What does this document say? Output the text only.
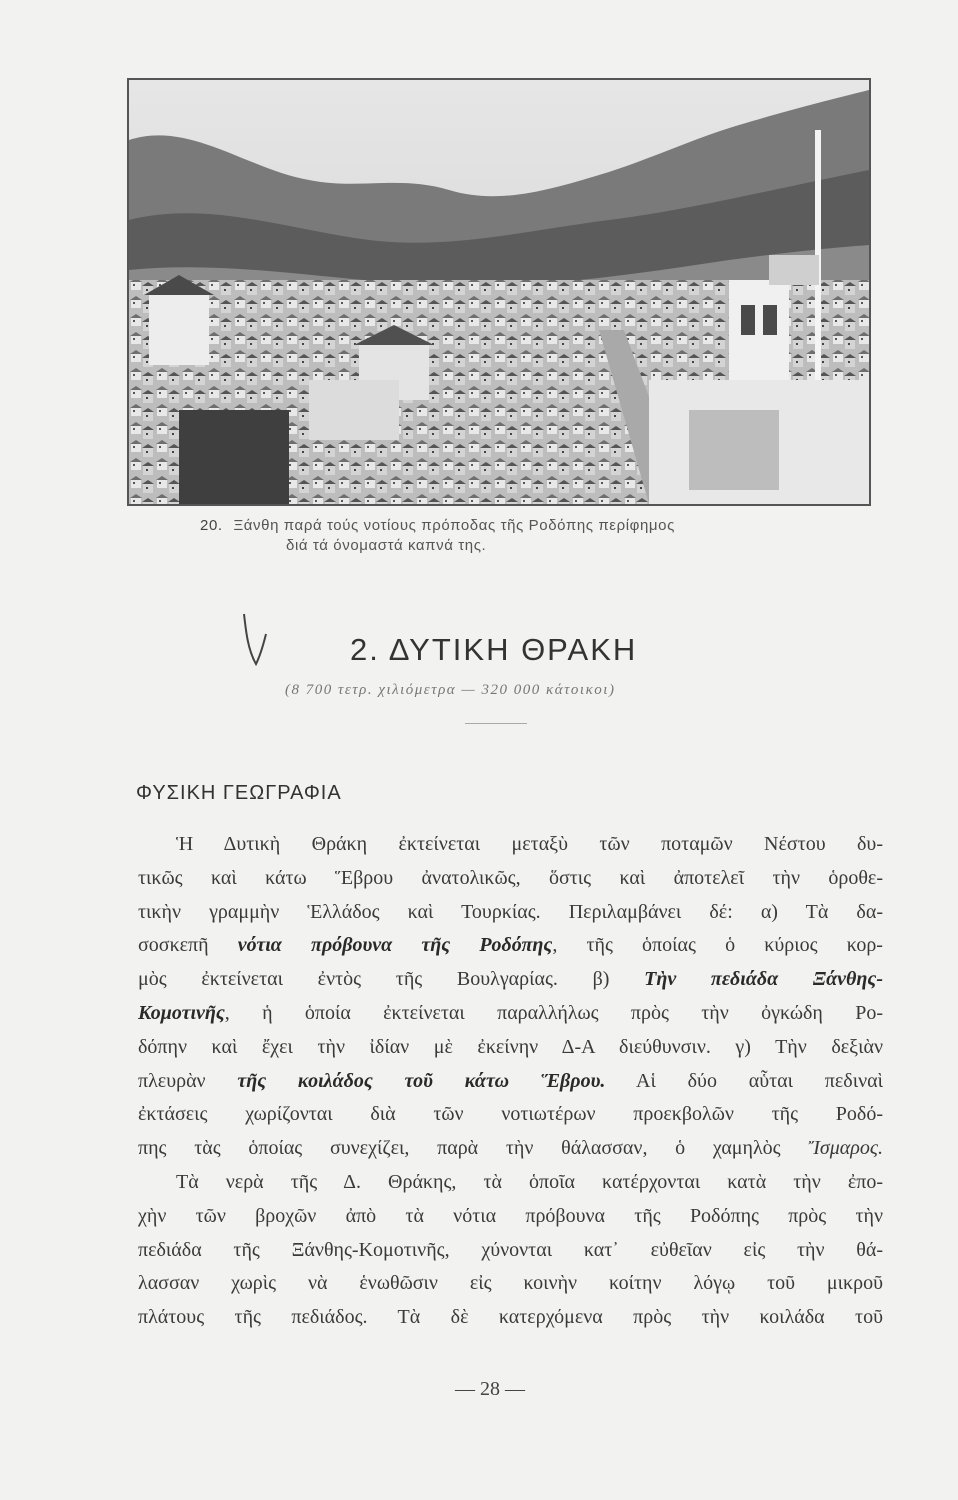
20. Ξάνθη παρά τούς νοτίους πρόποδας τῆς Ροδόπης περίφημος
διά τά όνομαστά καπνά της.
2. ΔΥΤΙΚΗ ΘΡΑΚΗ
(8 700 τετρ. χιλιόμετρα — 320 000 κάτοικοι)
ΦΥΣΙΚΗ ΓΕΩΓΡΑΦΙΑ
Ἡ Δυτικὴ Θράκη ἐκτείνεται μεταξὺ τῶν ποταμῶν Νέστου δυ-
τικῶς καὶ κάτω Ἕβρου ἀνατολικῶς, ὅστις καὶ ἀποτελεῖ τὴν ὁροθε-
τικὴν γραμμὴν Ἑλλάδος καὶ Τουρκίας. Περιλαμβάνει δέ: α) Τὰ δα-
σοσκεπῆ νότια πρόβουνα τῆς Ροδόπης, τῆς ὁποίας ὁ κύριος κορ-
μὸς ἐκτείνεται ἐντὸς τῆς Βουλγαρίας. β) Τὴν πεδιάδα Ξάνθης-
Κομοτινῆς, ἡ ὁποία ἐκτείνεται παραλλήλως πρὸς τὴν ὀγκώδη Ρο-
δόπην καὶ ἔχει τὴν ἰδίαν μὲ ἐκείνην Δ-Α διεύθυνσιν. γ) Τὴν δεξιὰν
πλευρὰν τῆς κοιλάδος τοῦ κάτω Ἕβρου. Αἱ δύο αὗται πεδιναὶ
ἐκτάσεις χωρίζονται διὰ τῶν νοτιωτέρων προεκβολῶν τῆς Ροδό-
πης τὰς ὁποίας συνεχίζει, παρὰ τὴν θάλασσαν, ὁ χαμηλὸς Ἴσμαρος.
Τὰ νερὰ τῆς Δ. Θράκης, τὰ ὁποῖα κατέρχονται κατὰ τὴν ἐπο-
χὴν τῶν βροχῶν ἀπὸ τὰ νότια πρόβουνα τῆς Ροδόπης πρὸς τὴν
πεδιάδα τῆς Ξάνθης-Κομοτινῆς, χύνονται κατ᾿ εὐθεῖαν εἰς τὴν θά-
λασσαν χωρὶς νὰ ἑνωθῶσιν εἰς κοινὴν κοίτην λόγῳ τοῦ μικροῦ
πλάτους τῆς πεδιάδος. Τὰ δὲ κατερχόμενα πρὸς τὴν κοιλάδα τοῦ
— 28 —
